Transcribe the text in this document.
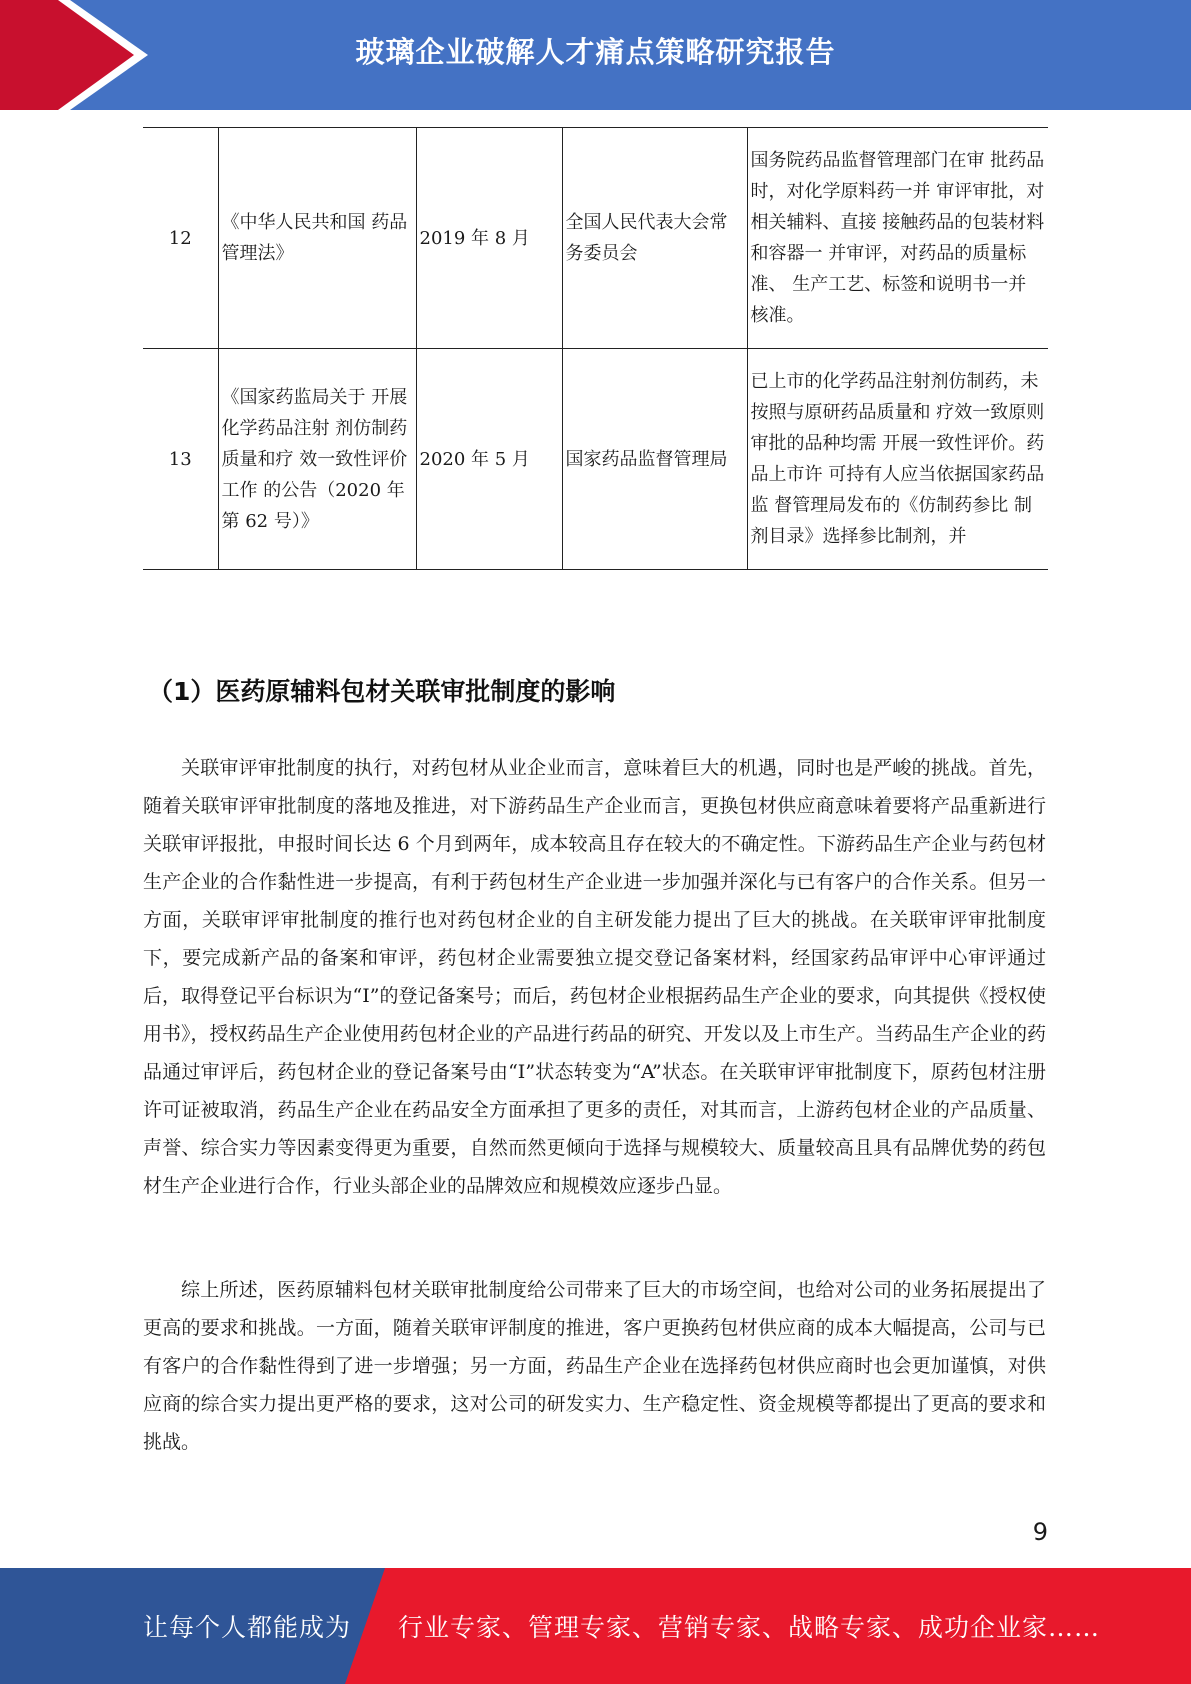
玻璃企业破解人才痛点策略研究报告
12	《中华人民共和国 药品管理法》	2019 年 8 月	全国人民代表大会常务委员会	国务院药品监督管理部门在审 批药品时，对化学原料药一并 审评审批，对相关辅料、直接 接触药品的包装材料和容器一 并审评，对药品的质量标准、 生产工艺、标签和说明书一并 核准。
13	《国家药监局关于 开展化学药品注射 剂仿制药质量和疗 效一致性评价工作 的公告（2020 年第 62 号）》	2020 年 5 月	国家药品监督管理局	已上市的化学药品注射剂仿制药，未按照与原研药品质量和 疗效一致原则审批的品种均需 开展一致性评价。药品上市许 可持有人应当依据国家药品监 督管理局发布的《仿制药参比 制剂目录》选择参比制剂，并
（1）医药原辅料包材关联审批制度的影响

关联审评审批制度的执行，对药包材从业企业而言，意味着巨大的机遇，同时也是严峻的挑战。首先，随着关联审评审批制度的落地及推进，对下游药品生产企业而言，更换包材供应商意味着要将产品重新进行关联审评报批，申报时间长达 6 个月到两年，成本较高且存在较大的不确定性。下游药品生产企业与药包材生产企业的合作黏性进一步提高，有利于药包材生产企业进一步加强并深化与已有客户的合作关系。但另一方面，关联审评审批制度的推行也对药包材企业的自主研发能力提出了巨大的挑战。在关联审评审批制度下，要完成新产品的备案和审评，药包材企业需要独立提交登记备案材料，经国家药品审评中心审评通过后，取得登记平台标识为“I”的登记备案号；而后，药包材企业根据药品生产企业的要求，向其提供《授权使用书》，授权药品生产企业使用药包材企业的产品进行药品的研究、开发以及上市生产。当药品生产企业的药品通过审评后，药包材企业的登记备案号由“I”状态转变为“A”状态。在关联审评审批制度下，原药包材注册许可证被取消，药品生产企业在药品安全方面承担了更多的责任，对其而言，上游药包材企业的产品质量、声誉、综合实力等因素变得更为重要，自然而然更倾向于选择与规模较大、质量较高且具有品牌优势的药包材生产企业进行合作，行业头部企业的品牌效应和规模效应逐步凸显。

综上所述，医药原辅料包材关联审批制度给公司带来了巨大的市场空间，也给对公司的业务拓展提出了更高的要求和挑战。一方面，随着关联审评制度的推进，客户更换药包材供应商的成本大幅提高，公司与已有客户的合作黏性得到了进一步增强；另一方面，药品生产企业在选择药包材供应商时也会更加谨慎，对供应商的综合实力提出更严格的要求，这对公司的研发实力、生产稳定性、资金规模等都提出了更高的要求和挑战。

9
让每个人都能成为 行业专家、管理专家、营销专家、战略专家、成功企业家……
